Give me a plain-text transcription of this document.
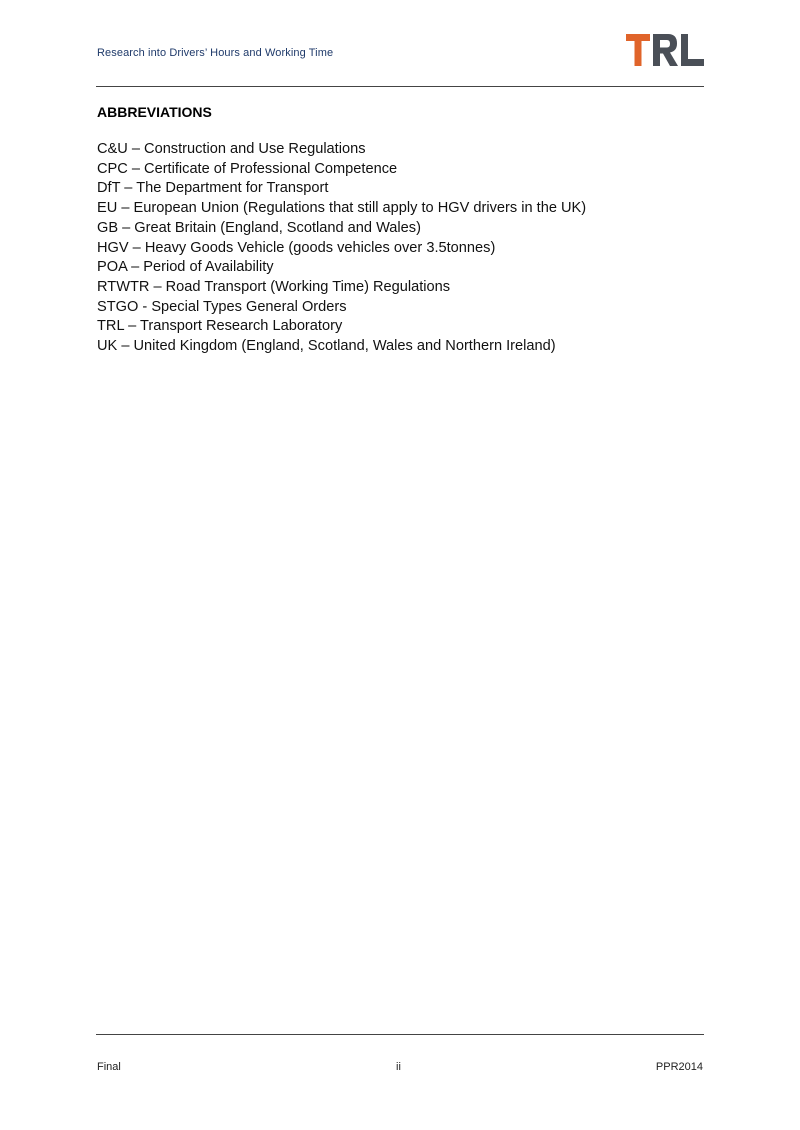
Research into Drivers’ Hours and Working Time
ABBREVIATIONS
C&U – Construction and Use Regulations
CPC – Certificate of Professional Competence
DfT – The Department for Transport
EU – European Union (Regulations that still apply to HGV drivers in the UK)
GB – Great Britain (England, Scotland and Wales)
HGV – Heavy Goods Vehicle (goods vehicles over 3.5tonnes)
POA – Period of Availability
RTWTR – Road Transport (Working Time) Regulations
STGO - Special Types General Orders
TRL – Transport Research Laboratory
UK – United Kingdom (England, Scotland, Wales and Northern Ireland)
Final	ii	PPR2014
